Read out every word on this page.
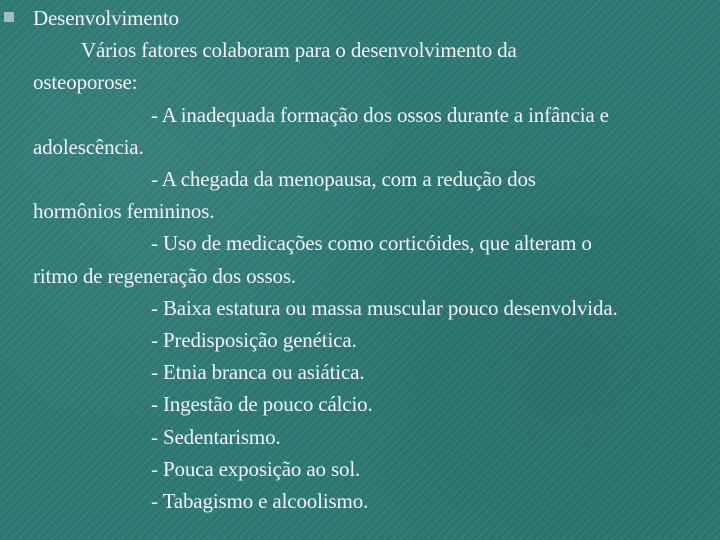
Desenvolvimento
Vários fatores colaboram para o desenvolvimento da
osteoporose:
- A inadequada formação dos ossos durante a infância e
adolescência.
- A chegada da menopausa, com a redução dos
hormônios femininos.
- Uso de medicações como corticóides, que alteram o
ritmo de regeneração dos ossos.
- Baixa estatura ou massa muscular pouco desenvolvida.
- Predisposição genética.
- Etnia branca ou asiática.
- Ingestão de pouco cálcio.
- Sedentarismo.
- Pouca exposição ao sol.
- Tabagismo e alcoolismo.
